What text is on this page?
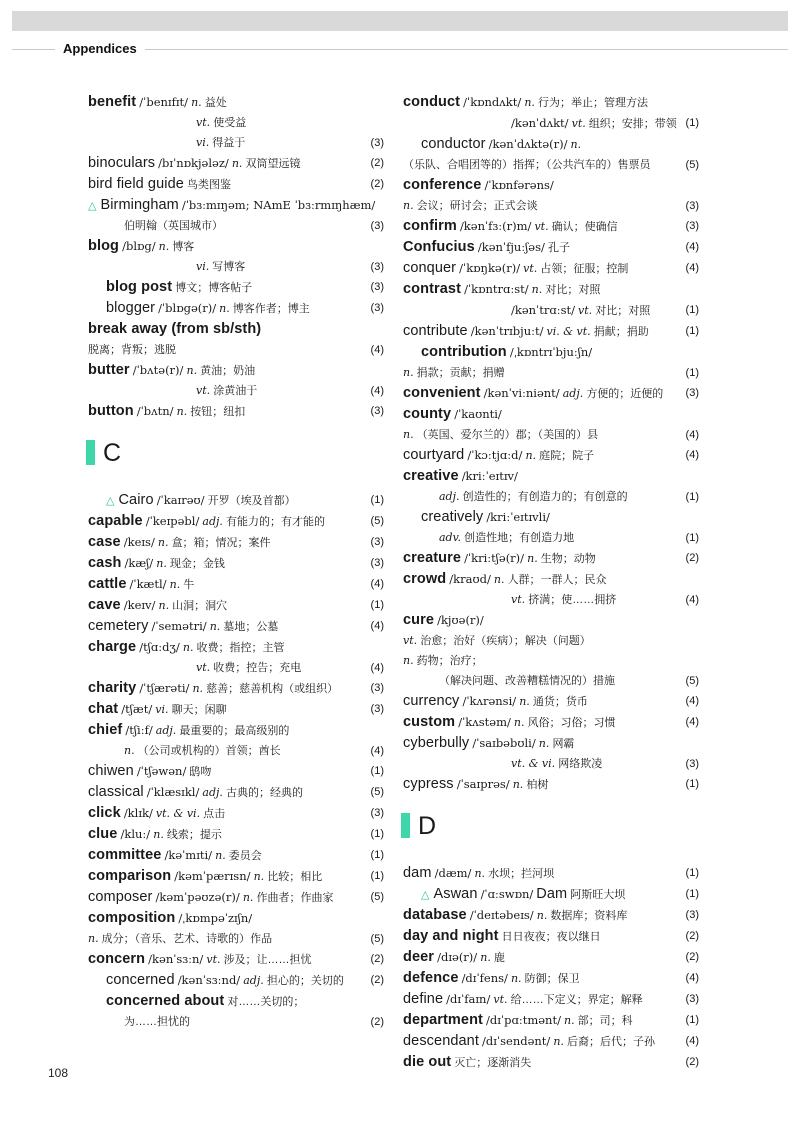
Appendices
benefit /ˈbenɪfɪt/ n. 益处
vt. 使受益
vi. 得益于	(3)
binoculars /bɪˈnɒkjələz/ n. 双筒望远镜	(2)
bird field guide 鸟类图鉴	(2)
△ Birmingham /ˈbɜːmɪŋəm; NAmE ˈbɜːrmɪŋhæm/
伯明翰（英国城市）	(3)
blog /blɒg/ n. 博客
vi. 写博客	(3)
blog post 博文；博客帖子	(3)
blogger /ˈblɒgə(r)/ n. 博客作者；博主	(3)
break away (from sb/sth)
脱离；背叛；逃脱	(4)
butter /ˈbʌtə(r)/ n. 黄油；奶油
vt. 涂黄油于	(4)
button /ˈbʌtn/ n. 按钮；纽扣	(3)
C
△ Cairo /ˈkaɪrəʊ/ 开罗（埃及首都）	(1)
capable /ˈkeɪpəbl/ adj. 有能力的；有才能的	(5)
case /keɪs/ n. 盒；箱；情况；案件	(3)
cash /kæʃ/ n. 现金；金钱	(3)
cattle /ˈkætl/ n. 牛	(4)
cave /keɪv/ n. 山洞；洞穴	(1)
cemetery /ˈsemətri/ n. 墓地；公墓	(4)
charge /tʃɑːdʒ/ n. 收费；指控；主管
vt. 收费；控告；充电	(4)
charity /ˈtʃærəti/ n. 慈善；慈善机构（或组织）	(3)
chat /tʃæt/ vi. 聊天；闲聊	(3)
chief /tʃiːf/ adj. 最重要的；最高级别的
n. （公司或机构的）首领；酋长	(4)
chiwen /ˈtʃəwən/ 鸱吻	(1)
classical /ˈklæsɪkl/ adj. 古典的；经典的	(5)
click /klɪk/ vt. & vi. 点击	(3)
clue /kluː/ n. 线索；提示	(1)
committee /kəˈmɪti/ n. 委员会	(1)
comparison /kəmˈpærɪsn/ n. 比较；相比	(1)
composer /kəmˈpəʊzə(r)/ n. 作曲者；作曲家	(5)
composition /ˌkɒmpəˈzɪʃn/
n. 成分；（音乐、艺术、诗歌的）作品	(5)
concern /kənˈsɜːn/ vt. 涉及；让……担忧	(2)
concerned /kənˈsɜːnd/ adj. 担心的；关切的 (2)
concerned about 对……关切的；
为……担忧的	(2)
conduct /ˈkɒndʌkt/ n. 行为；举止；管理方法
/kənˈdʌkt/ vt. 组织；安排；带领 (1)
conductor /kənˈdʌktə(r)/ n.
（乐队、合唱团等的）指挥；（公共汽车的）售票员	(5)
conference /ˈkɒnfərəns/
n. 会议；研讨会；正式会谈	(3)
confirm /kənˈfɜː(r)m/ vt. 确认；使确信	(3)
Confucius /kənˈfjuːʃəs/ 孔子	(4)
conquer /ˈkɒŋkə(r)/ vt. 占领；征服；控制	(4)
contrast /ˈkɒntrɑːst/ n. 对比；对照
/kənˈtrɑːst/ vt. 对比；对照	(1)
contribute /kənˈtrɪbjuːt/ vi. & vt. 捐献；捐助	(1)
contribution /ˌkɒntrɪˈbjuːʃn/
n. 捐款；贡献；捐赠	(1)
convenient /kənˈviːniənt/ adj. 方便的；近便的 (3)
county /ˈkaʊnti/
n. （英国、爱尔兰的）郡；（美国的）县	(4)
courtyard /ˈkɔːtjɑːd/ n. 庭院；院子	(4)
creative /kriːˈeɪtɪv/
adj. 创造性的；有创造力的；有创意的	(1)
creatively /kriːˈeɪtɪvli/
adv. 创造性地；有创造力地	(1)
creature /ˈkriːtʃə(r)/ n. 生物；动物	(2)
crowd /kraʊd/ n. 人群；一群人；民众
vt. 挤满；使……拥挤	(4)
cure /kjʊə(r)/
vt. 治愈；治好（疾病）；解决（问题）
n. 药物；治疗；
（解决问题、改善糟糕情况的）措施	(5)
currency /ˈkʌrənsi/ n. 通货；货币	(4)
custom /ˈkʌstəm/ n. 风俗；习俗；习惯	(4)
cyberbully /ˈsaɪbəbʊli/ n. 网霸
vt. & vi. 网络欺凌	(3)
cypress /ˈsaɪprəs/ n. 柏树	(1)
D
dam /dæm/ n. 水坝；拦河坝	(1)
△ Aswan /ˈɑːswɒn/ Dam 阿斯旺大坝	(1)
database /ˈdeɪtəbeɪs/ n. 数据库；资料库	(3)
day and night 日日夜夜；夜以继日	(2)
deer /dɪə(r)/ n. 鹿	(2)
defence /dɪˈfens/ n. 防御；保卫	(4)
define /dɪˈfaɪn/ vt. 给……下定义；界定；解释	(3)
department /dɪˈpɑːtmənt/ n. 部；司；科	(1)
descendant /dɪˈsendənt/ n. 后裔；后代；子孙	(4)
die out 灭亡；逐渐消失	(2)
108
